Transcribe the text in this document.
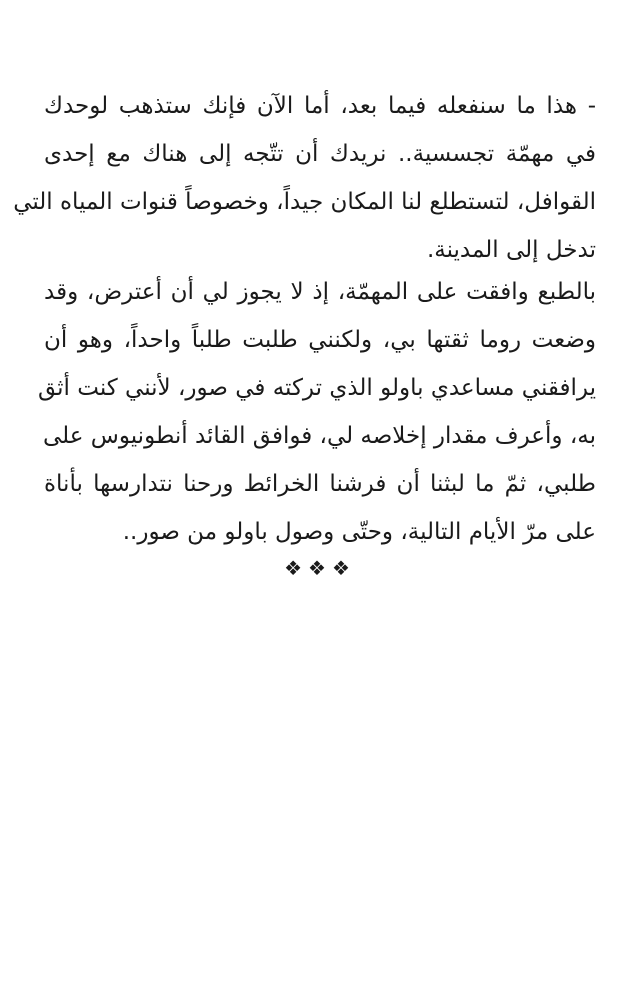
- هذا ما سنفعله فيما بعد، أما الآن فإنك ستذهب لوحدك
في مهمّة تجسسية.. نريدك أن تتّجه إلى هناك مع إحدى
القوافل، لتستطلع لنا المكان جيداً، وخصوصاً قنوات المياه التي
تدخل إلى المدينة.
بالطبع وافقت على المهمّة، إذ لا يجوز لي أن أعترض، وقد
وضعت روما ثقتها بي، ولكنني طلبت طلباً واحداً، وهو أن
يرافقني مساعدي باولو الذي تركته في صور، لأنني كنت أثق
به، وأعرف مقدار إخلاصه لي، فوافق القائد أنطونيوس على
طلبي، ثمّ ما لبثنا أن فرشنا الخرائط ورحنا نتدارسها بأناة
على مرّ الأيام التالية، وحتّى وصول باولو من صور..
❖❖❖
